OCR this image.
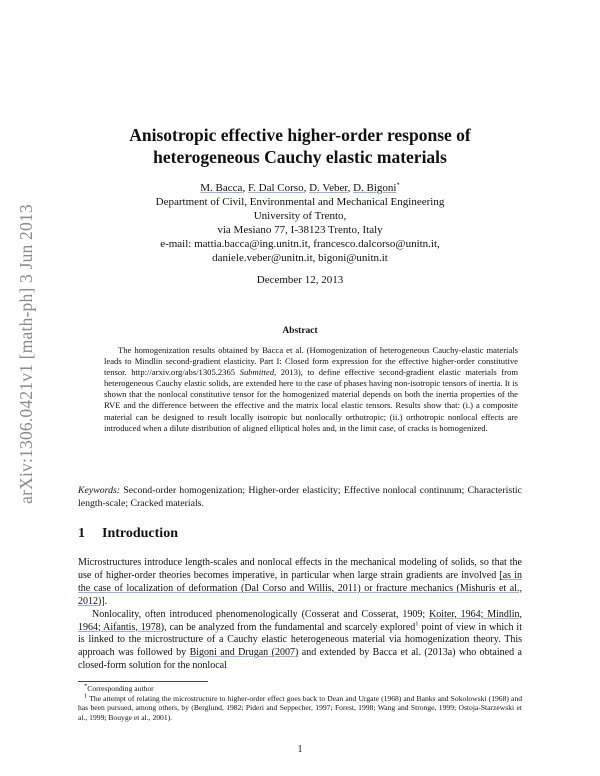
arXiv:1306.0421v1 [math-ph] 3 Jun 2013
Anisotropic effective higher-order response of
heterogeneous Cauchy elastic materials
M. Bacca, F. Dal Corso, D. Veber, D. Bigoni*
Department of Civil, Environmental and Mechanical Engineering
University of Trento,
via Mesiano 77, I-38123 Trento, Italy
e-mail: mattia.bacca@ing.unitn.it, francesco.dalcorso@unitn.it,
daniele.veber@unitn.it, bigoni@unitn.it
December 12, 2013
Abstract
The homogenization results obtained by Bacca et al. (Homogenization of heterogeneous Cauchy-elastic materials leads to Mindlin second-gradient elasticity. Part I: Closed form expression for the effective higher-order constitutive tensor. http://arxiv.org/abs/1305.2365 Submitted, 2013), to define effective second-gradient elastic materials from heterogeneous Cauchy elastic solids, are extended here to the case of phases having non-isotropic tensors of inertia. It is shown that the nonlocal constitutive tensor for the homogenized material depends on both the inertia properties of the RVE and the difference between the effective and the matrix local elastic tensors. Results show that: (i.) a composite material can be designed to result locally isotropic but nonlocally orthotropic; (ii.) orthotropic nonlocal effects are introduced when a dilute distribution of aligned elliptical holes and, in the limit case, of cracks is homogenized.
Keywords: Second-order homogenization; Higher-order elasticity; Effective nonlocal continuum; Characteristic length-scale; Cracked materials.
1 Introduction

Microstructures introduce length-scales and nonlocal effects in the mechanical modeling of solids, so that the use of higher-order theories becomes imperative, in particular when large strain gradients are involved [as in the case of localization of deformation (Dal Corso and Willis, 2011) or fracture mechanics (Mishuris et al., 2012)].

Nonlocality, often introduced phenomenologically (Cosserat and Cosserat, 1909; Koiter, 1964; Mindlin, 1964; Aifantis, 1978), can be analyzed from the fundamental and scarcely explored$^1$ point of view in which it is linked to the microstructure of a Cauchy elastic heterogeneous material via homogenization theory. This approach was followed by Bigoni and Drugan (2007) and extended by Bacca et al. (2013a) who obtained a closed-form solution for the nonlocal

*Corresponding author

$^1$ The attempt of relating the microstructure to higher-order effect goes back to Dean and Urgate (1968) and Banks and Sokolowski (1968) and has been pursued, among others, by (Berglund, 1982; Pideri and Seppecher, 1997; Forest, 1998; Wang and Stronge, 1999; Ostoja-Starzewski et al., 1999; Bouyge et al., 2001).

1
